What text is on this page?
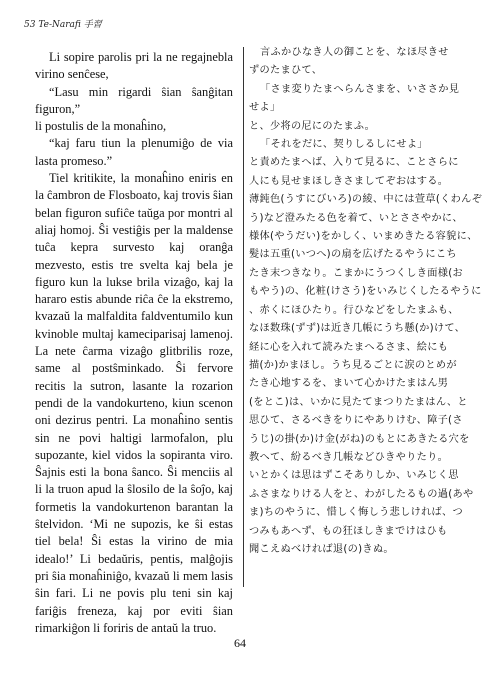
53 Te-Narafi 手習

Li sopire parolis pri la ne regajnebla virino senĉese,

“Lasu min rigardi ŝian ŝanĝitan figuron,”

li postulis de la monaĥino,

“kaj faru tiun la plenumiĝo de via lasta promeso.”

Tiel kritikite, la monaĥino eniris en la ĉambron de Flosboato, kaj trovis ŝian belan figuron sufiĉe taŭga por montri al aliaj homoj. Ŝi vestiĝis per la maldense tuĉa kepra survesto kaj oranĝa mezvesto, estis tre svelta kaj bela je figuro kun la lukse brila vizaĝo, kaj la hararo estis abunde riĉa ĉe la ekstremo, kvazaŭ la malfaldita faldventumilo kun kvinoble multaj kameciparisaj lamenoj. La nete ĉarma vizaĝo glitbrilis roze, same al postŝminkado. Ŝi fervore recitis la sutron, lasante la rozarion pendi de la vandokurteno, kiun scenon oni dezirus pentri. La monaĥino sentis sin ne povi haltigi larmofalon, plu supozante, kiel vidos la sopiranta viro. Ŝajnis esti la bona ŝanco. Ŝi menciis al li la truon apud la ŝlosilo de la ŝoĵo, kaj formetis la vandokurtenon barantan la ŝtelvidon. ‘Mi ne supozis, ke ŝi estas tiel bela! Ŝi estas la virino de mia idealo!’ Li bedaŭris, pentis, malĝojis pri ŝia monaĥiniĝo, kvazaŭ li mem lasis ŝin fari. Li ne povis plu teni sin kaj fariĝis freneza, kaj por eviti ŝian rimarkiĝon li foriris de antaŭ la truo.

言ふかひなき人の御ことを、なほ尽きせ
ずのたまひて、
「さま変りたまへらんさまを、いささか見
せよ」
と、少将の尼にのたまふ。
「それをだに、契りしるしにせよ」
と責めたまへば、入りて見るに、ことさらに
人にも見せまほしきさましてぞおはする。
薄鈍色(うすにびいろ)の綾、中には萱草(くわんぞ
う)など澄みたる色を着て、いとささやかに、
様体(やうだい)をかしく、いまめきたる容貌に、
髪は五重(いつへ)の扇を広げたるやうにこち
たき末つきなり。こまかにうつくしき面様(お
もやう)の、化粧(けさう)をいみじくしたるやうに
、赤くにほひたり。行ひなどをしたまふも、
なほ数珠(ずず)は近き几帳にうち懸(か)けて、
経に心を入れて読みたまへるさま、絵にも
描(か)かまほし。うち見るごとに涙のとめが
たき心地するを、まいて心かけたまはん男
(をとこ)は、いかに見たてまつりたまはん、と
思ひて、さるべきをりにやありけむ、障子(さ
うじ)の掛(か)け金(がね)のもとにあきたる穴を
教へて、紛るべき几帳などひきやりたり。
いとかくは思はずこそありしか、いみじく思
ふさまなりける人をと、わがしたるもの過(あや
ま)ちのやうに、惜しく悔しう悲しければ、つ
つみもあへず、もの狂ほしきまでけはひも
聞こえぬべければ退(の)きぬ。
64
